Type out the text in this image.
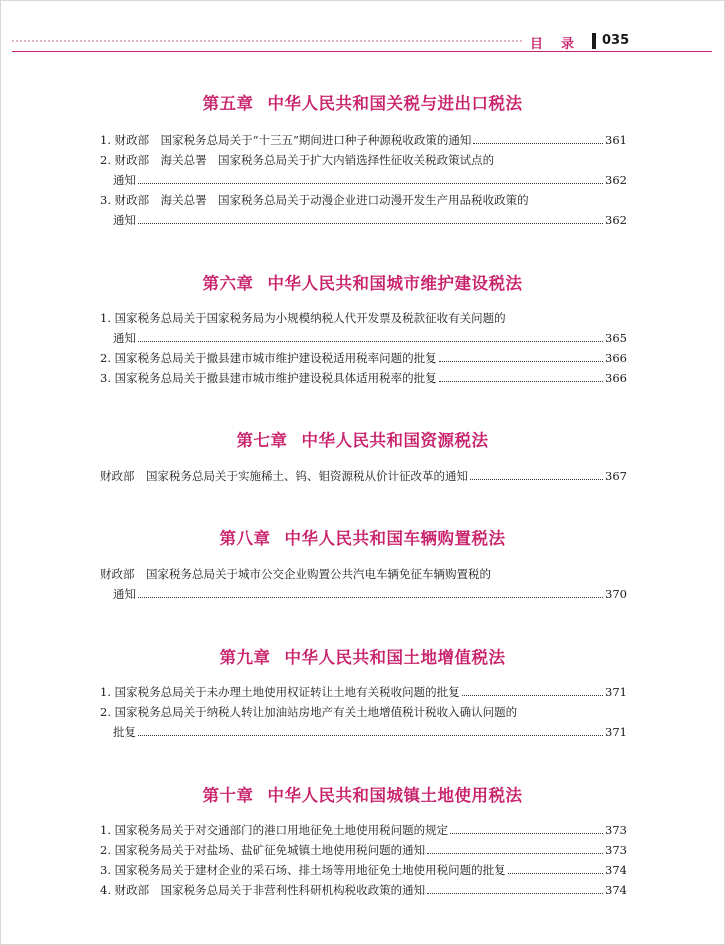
目录 035
第五章 中华人民共和国关税与进出口税法
1. 财政部　国家税务总局关于“十三五”期间进口种子种源税收政策的通知	361
2. 财政部　海关总署　国家税务总局关于扩大内销选择性征收关税政策试点的
通知	362
3. 财政部　海关总署　国家税务总局关于动漫企业进口动漫开发生产用品税收政策的
通知	362
第六章 中华人民共和国城市维护建设税法
1. 国家税务总局关于国家税务局为小规模纳税人代开发票及税款征收有关问题的
通知	365
2. 国家税务总局关于撤县建市城市维护建设税适用税率问题的批复	366
3. 国家税务总局关于撤县建市城市维护建设税具体适用税率的批复	366
第七章 中华人民共和国资源税法
财政部　国家税务总局关于实施稀土、钨、钼资源税从价计征改革的通知	367
第八章 中华人民共和国车辆购置税法
财政部　国家税务总局关于城市公交企业购置公共汽电车辆免征车辆购置税的
通知	370
第九章 中华人民共和国土地增值税法
1. 国家税务总局关于未办理土地使用权证转让土地有关税收问题的批复	371
2. 国家税务总局关于纳税人转让加油站房地产有关土地增值税计税收入确认问题的
批复	371
第十章 中华人民共和国城镇土地使用税法
1. 国家税务局关于对交通部门的港口用地征免土地使用税问题的规定	373
2. 国家税务局关于对盐场、盐矿征免城镇土地使用税问题的通知	373
3. 国家税务局关于建材企业的采石场、排土场等用地征免土地使用税问题的批复	374
4. 财政部　国家税务总局关于非营利性科研机构税收政策的通知	374
